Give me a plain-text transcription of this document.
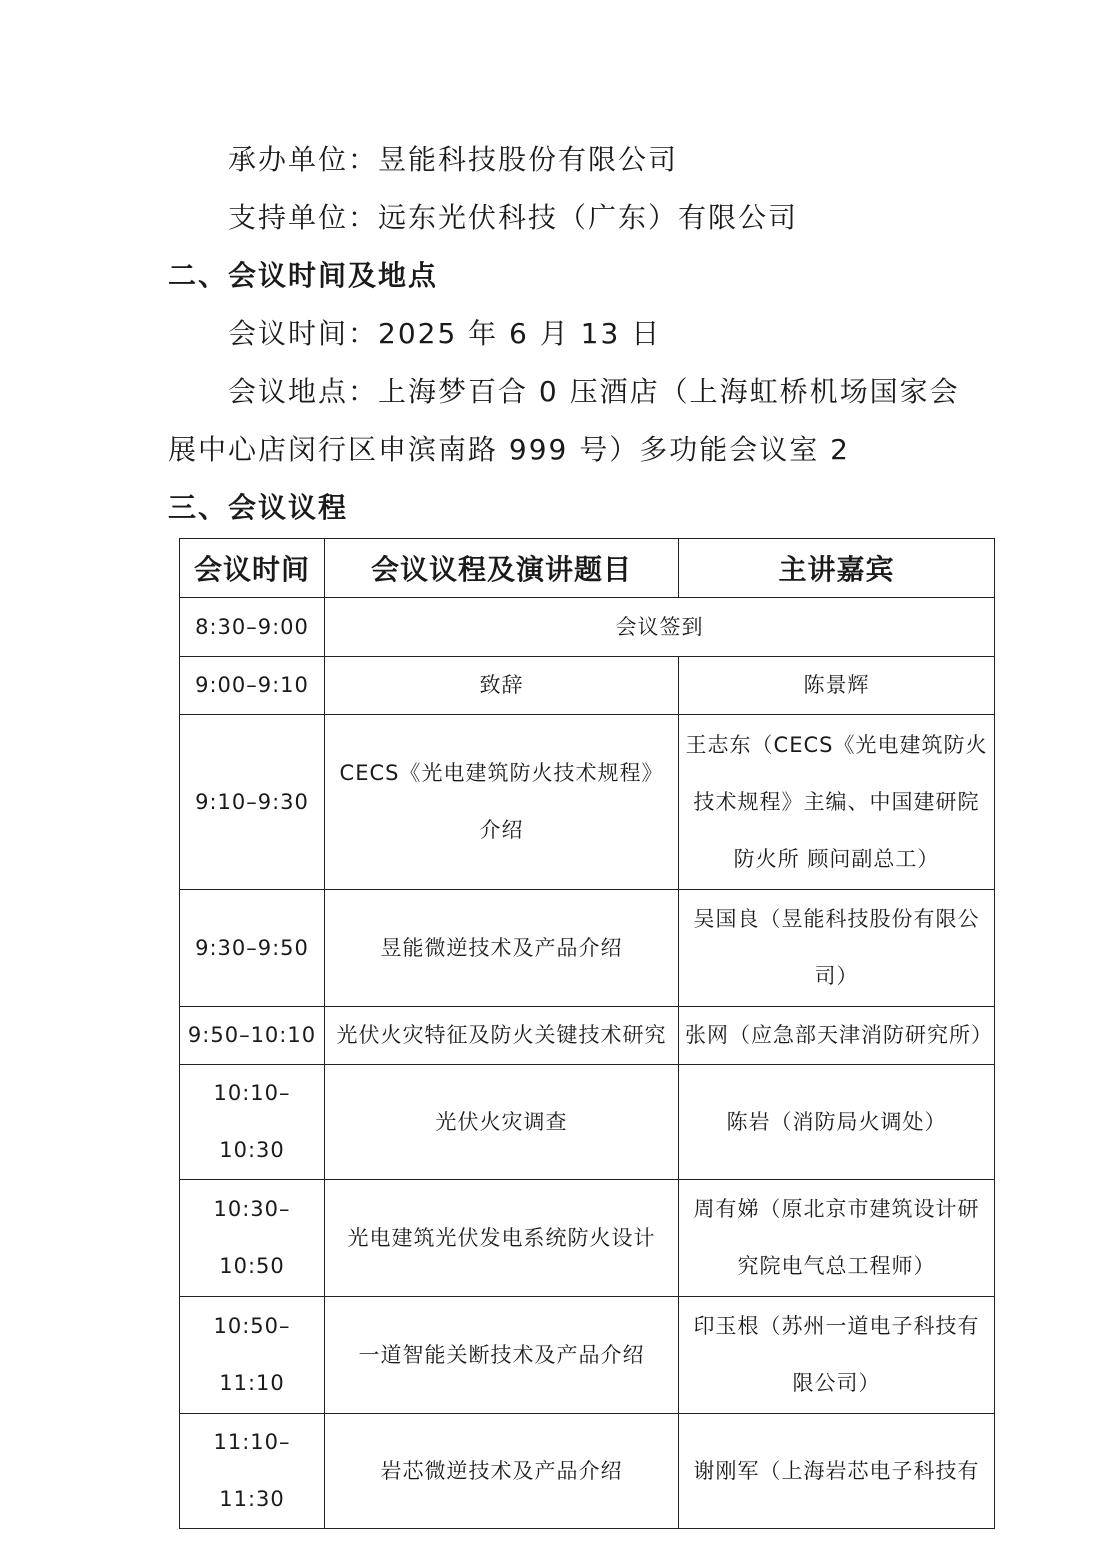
承办单位：昱能科技股份有限公司
支持单位：远东光伏科技（广东）有限公司
二、会议时间及地点
会议时间：2025 年 6 月 13 日
会议地点：上海梦百合 0 压酒店（上海虹桥机场国家会
展中心店闵行区申滨南路 999 号）多功能会议室 2
三、会议议程
会议时间	会议议程及演讲题目	主讲嘉宾
8:30–9:00	会议签到	
9:00–9:10	致辞	陈景辉
9:10–9:30	CECS《光电建筑防火技术规程》介绍	王志东（CECS《光电建筑防火技术规程》主编、中国建研院防火所 顾问副总工）
9:30–9:50	昱能微逆技术及产品介绍	吴国良（昱能科技股份有限公司）
9:50–10:10	光伏火灾特征及防火关键技术研究	张网（应急部天津消防研究所）
10:10–10:30	光伏火灾调查	陈岩（消防局火调处）
10:30–10:50	光电建筑光伏发电系统防火设计	周有娣（原北京市建筑设计研究院电气总工程师）
10:50–11:10	一道智能关断技术及产品介绍	印玉根（苏州一道电子科技有限公司）
11:10–11:30	岩芯微逆技术及产品介绍	谢刚军（上海岩芯电子科技有
